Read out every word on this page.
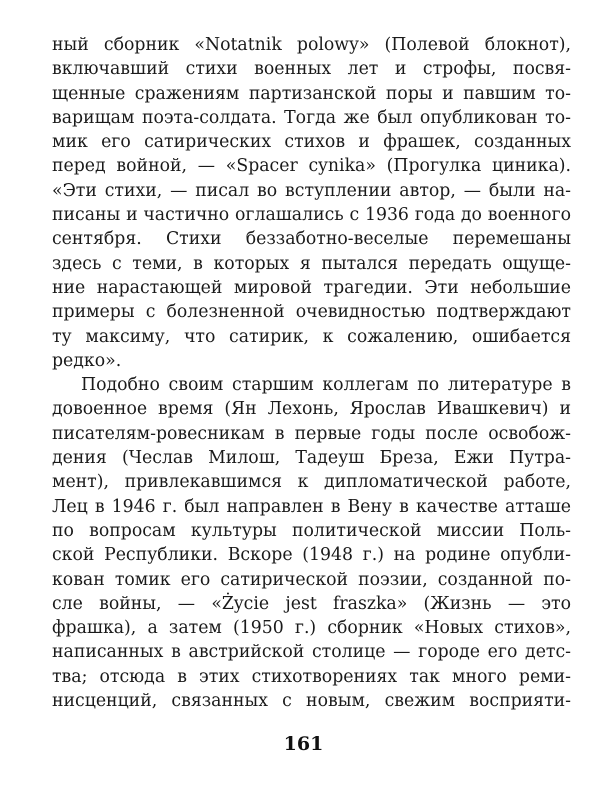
ный сборник «Notatnik polowy» (Полевой блокнот),
включавший стихи военных лет и строфы, посвя-
щенные сражениям партизанской поры и павшим то-
варищам поэта-солдата. Тогда же был опубликован то-
мик его сатирических стихов и фрашек, созданных
перед войной, — «Spacer cynika» (Прогулка циника).
«Эти стихи, — писал во вступлении автор, — были на-
писаны и частично оглашались с 1936 года до военного
сентября. Стихи беззаботно-веселые перемешаны
здесь с теми, в которых я пытался передать ощуще-
ние нарастающей мировой трагедии. Эти небольшие
примеры с болезненной очевидностью подтверждают
ту максиму, что сатирик, к сожалению, ошибается
редко».
Подобно своим старшим коллегам по литературе в
довоенное время (Ян Лехонь, Ярослав Ивашкевич) и
писателям-ровесникам в первые годы после освобож-
дения (Чеслав Милош, Тадеуш Бреза, Ежи Путра-
мент), привлекавшимся к дипломатической работе,
Лец в 1946 г. был направлен в Вену в качестве атташе
по вопросам культуры политической миссии Поль-
ской Республики. Вскоре (1948 г.) на родине опубли-
кован томик его сатирической поэзии, созданной по-
сле войны, — «Życie jest fraszka» (Жизнь — это
фрашка), а затем (1950 г.) сборник «Новых стихов»,
написанных в австрийской столице — городе его детс-
тва; отсюда в этих стихотворениях так много реми-
нисценций, связанных с новым, свежим восприяти-
161
